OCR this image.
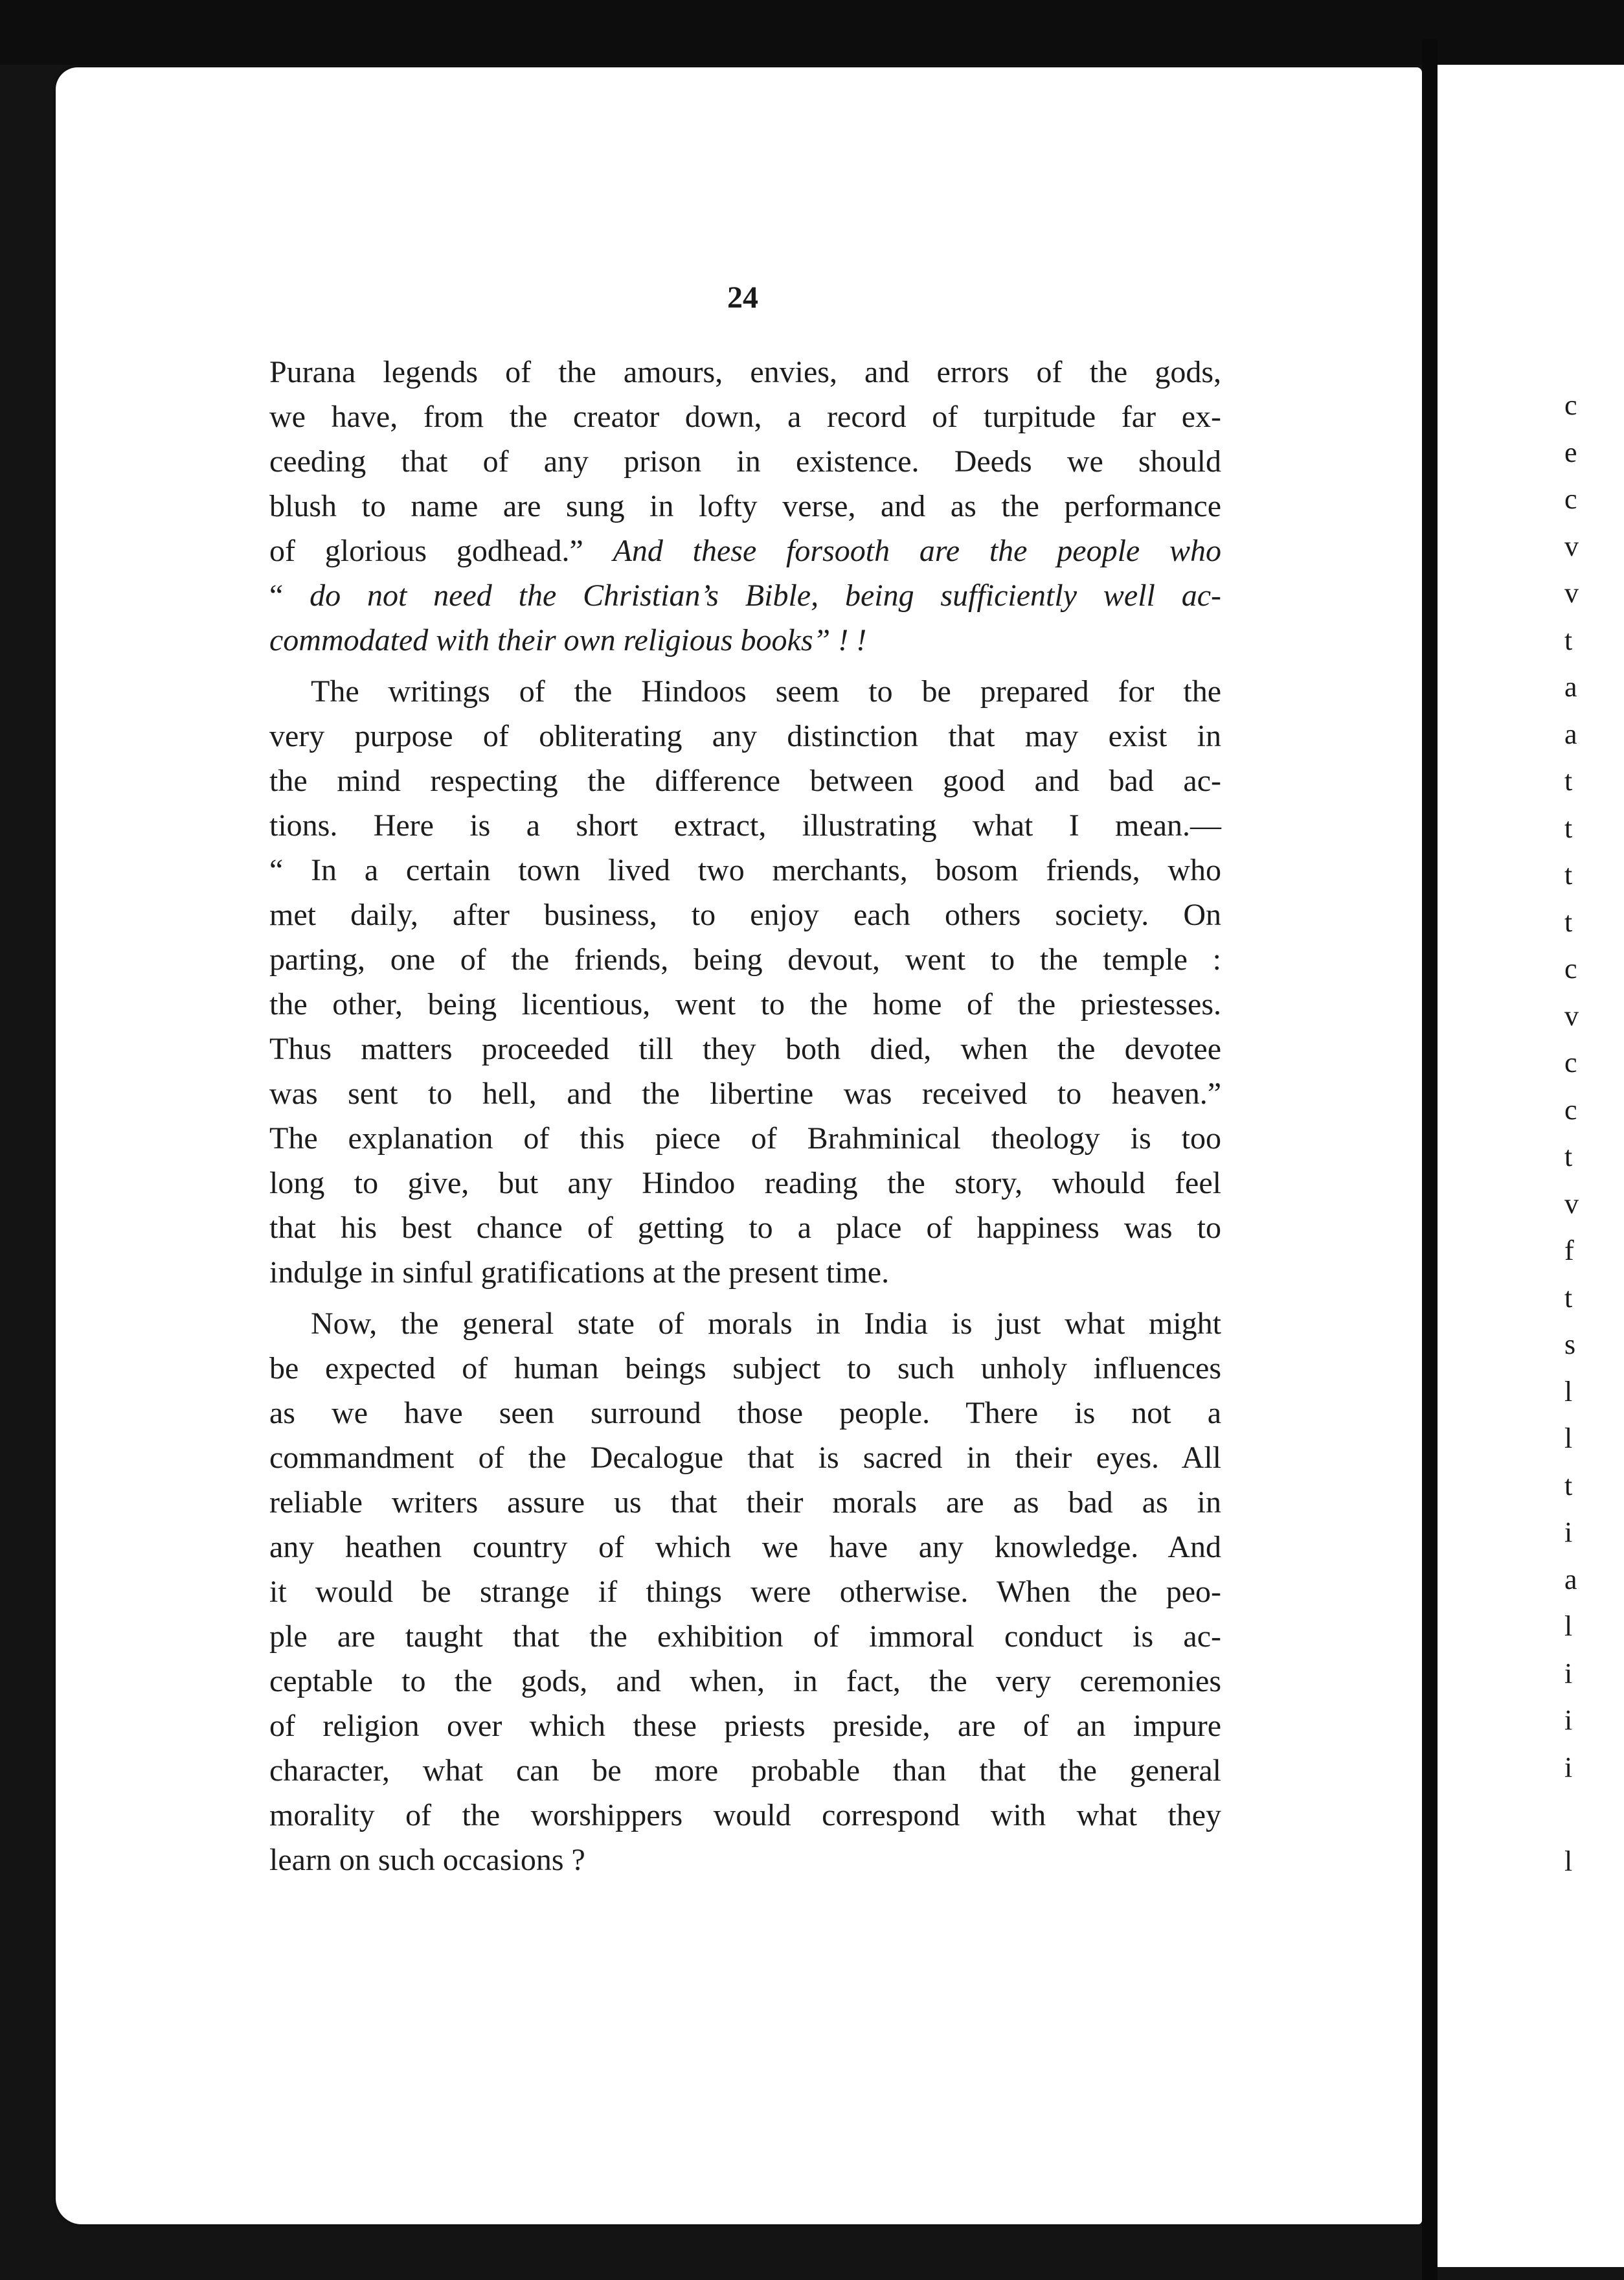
c
e
c
v
v
t
a
a
t
t
t
t
c
v
c
c
t
v
f
t
s
l
l
t
i
a
l
i
i
i
l
24
Purana legends of the amours, envies, and errors of the gods,
we have, from the creator down, a record of turpitude far ex-
ceeding that of any prison in existence. Deeds we should
blush to name are sung in lofty verse, and as the performance
of glorious godhead.” And these forsooth are the people who
“ do not need the Christian’s Bible, being sufficiently well ac-
commodated with their own religious books” ! !
The writings of the Hindoos seem to be prepared for the
very purpose of obliterating any distinction that may exist in
the mind respecting the difference between good and bad ac-
tions. Here is a short extract, illustrating what I mean.—
“ In a certain town lived two merchants, bosom friends, who
met daily, after business, to enjoy each others society. On
parting, one of the friends, being devout, went to the temple :
the other, being licentious, went to the home of the priestesses.
Thus matters proceeded till they both died, when the devotee
was sent to hell, and the libertine was received to heaven.”
The explanation of this piece of Brahminical theology is too
long to give, but any Hindoo reading the story, whould feel
that his best chance of getting to a place of happiness was to
indulge in sinful gratifications at the present time.
Now, the general state of morals in India is just what might
be expected of human beings subject to such unholy influences
as we have seen surround those people. There is not a
commandment of the Decalogue that is sacred in their eyes. All
reliable writers assure us that their morals are as bad as in
any heathen country of which we have any knowledge. And
it would be strange if things were otherwise. When the peo-
ple are taught that the exhibition of immoral conduct is ac-
ceptable to the gods, and when, in fact, the very ceremonies
of religion over which these priests preside, are of an impure
character, what can be more probable than that the general
morality of the worshippers would correspond with what they
learn on such occasions ?
